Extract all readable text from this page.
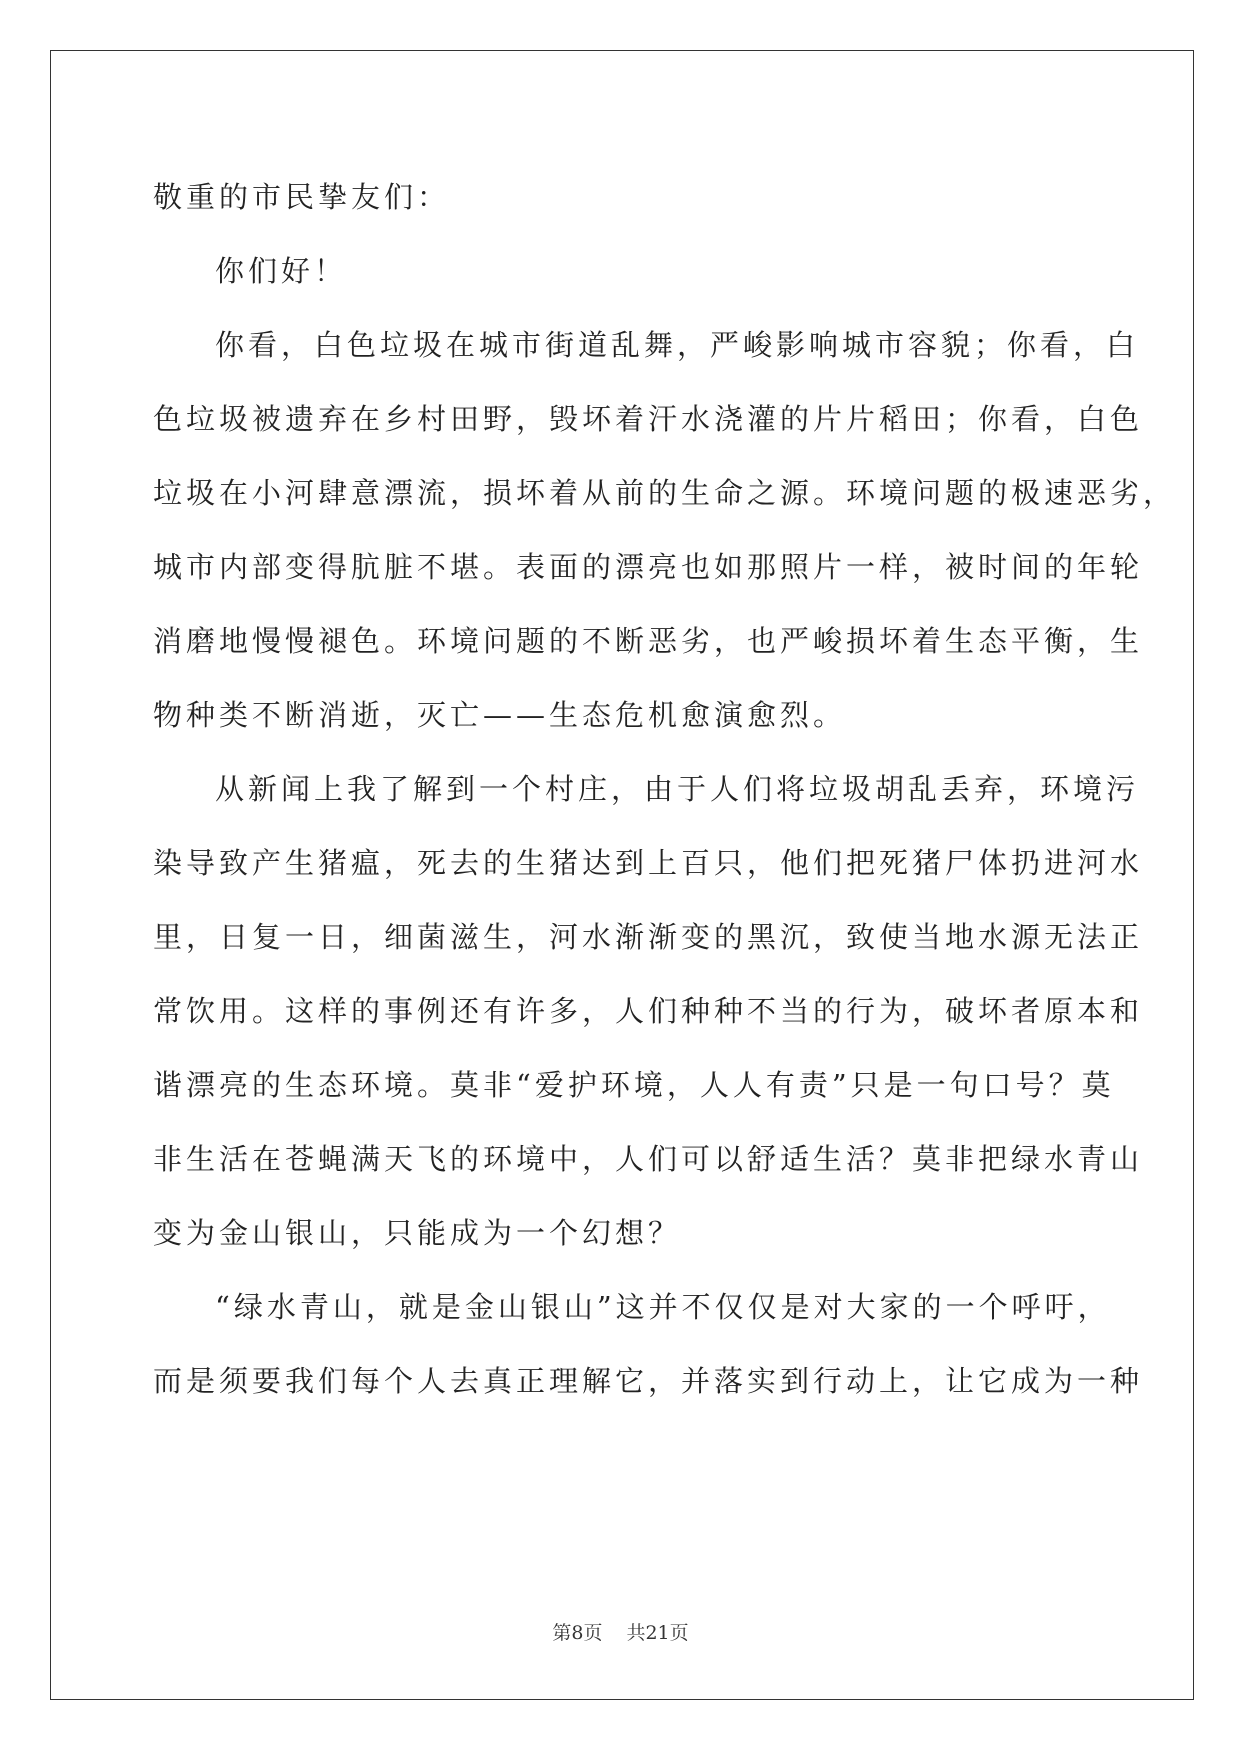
敬重的市民挚友们：
你们好！
你看，白色垃圾在城市街道乱舞，严峻影响城市容貌；你看，白
色垃圾被遗弃在乡村田野，毁坏着汗水浇灌的片片稻田；你看，白色
垃圾在小河肆意漂流，损坏着从前的生命之源。环境问题的极速恶劣，
城市内部变得肮脏不堪。表面的漂亮也如那照片一样，被时间的年轮
消磨地慢慢褪色。环境问题的不断恶劣，也严峻损坏着生态平衡，生
物种类不断消逝，灭亡——生态危机愈演愈烈。
从新闻上我了解到一个村庄，由于人们将垃圾胡乱丢弃，环境污
染导致产生猪瘟，死去的生猪达到上百只，他们把死猪尸体扔进河水
里，日复一日，细菌滋生，河水渐渐变的黑沉，致使当地水源无法正
常饮用。这样的事例还有许多，人们种种不当的行为，破坏者原本和
谐漂亮的生态环境。莫非“爱护环境，人人有责”只是一句口号？莫
非生活在苍蝇满天飞的环境中，人们可以舒适生活？莫非把绿水青山
变为金山银山，只能成为一个幻想？
“绿水青山，就是金山银山”这并不仅仅是对大家的一个呼吁，
而是须要我们每个人去真正理解它，并落实到行动上，让它成为一种
第8页 共21页
